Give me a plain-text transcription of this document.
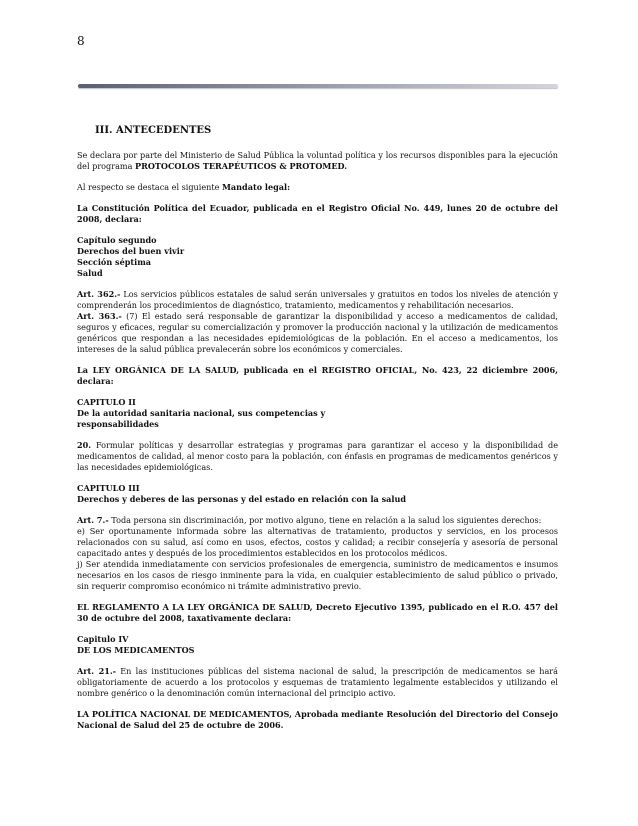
8
III. ANTECEDENTES

Se declara por parte del Ministerio de Salud Pública la voluntad política y los recursos disponibles para la ejecución del programa PROTOCOLOS TERAPÉUTICOS & PROTOMED.

Al respecto se destaca el siguiente Mandato legal:

La Constitución Política del Ecuador, publicada en el Registro Oficial No. 449, lunes 20 de octubre del 2008, declara:

Capítulo segundo
Derechos del buen vivir
Sección séptima
Salud

Art. 362.- Los servicios públicos estatales de salud serán universales y gratuitos en todos los niveles de atención y comprenderán los procedimientos de diagnóstico, tratamiento, medicamentos y rehabilitación necesarios.

Art. 363.- (7) El estado será responsable de garantizar la disponibilidad y acceso a medicamentos de calidad, seguros y eficaces, regular su comercialización y promover la producción nacional y la utilización de medicamentos genéricos que respondan a las necesidades epidemiológicas de la población. En el acceso a medicamentos, los intereses de la salud pública prevalecerán sobre los económicos y comerciales.

La LEY ORGÁNICA DE LA SALUD, publicada en el REGISTRO OFICIAL, No. 423, 22 diciembre 2006, declara:

CAPITULO II
De la autoridad sanitaria nacional, sus competencias y
responsabilidades

20. Formular políticas y desarrollar estrategias y programas para garantizar el acceso y la disponibilidad de medicamentos de calidad, al menor costo para la población, con énfasis en programas de medicamentos genéricos y las necesidades epidemiológicas.

CAPITULO III
Derechos y deberes de las personas y del estado en relación con la salud

Art. 7.- Toda persona sin discriminación, por motivo alguno, tiene en relación a la salud los siguientes derechos:

e) Ser oportunamente informada sobre las alternativas de tratamiento, productos y servicios, en los procesos relacionados con su salud, así como en usos, efectos, costos y calidad; a recibir consejería y asesoría de personal capacitado antes y después de los procedimientos establecidos en los protocolos médicos.

j) Ser atendida inmediatamente con servicios profesionales de emergencia, suministro de medicamentos e insumos necesarios en los casos de riesgo inminente para la vida, en cualquier establecimiento de salud público o privado, sin requerir compromiso económico ni trámite administrativo previo.

EL REGLAMENTO A LA LEY ORGÁNICA DE SALUD, Decreto Ejecutivo 1395, publicado en el R.O. 457 del 30 de octubre del 2008, taxativamente declara:

Capitulo IV
DE LOS MEDICAMENTOS

Art. 21.- En las instituciones públicas del sistema nacional de salud, la prescripción de medicamentos se hará obligatoriamente de acuerdo a los protocolos y esquemas de tratamiento legalmente establecidos y utilizando el nombre genérico o la denominación común internacional del principio activo.

LA POLÍTICA NACIONAL DE MEDICAMENTOS, Aprobada mediante Resolución del Directorio del Consejo Nacional de Salud del 25 de octubre de 2006.
